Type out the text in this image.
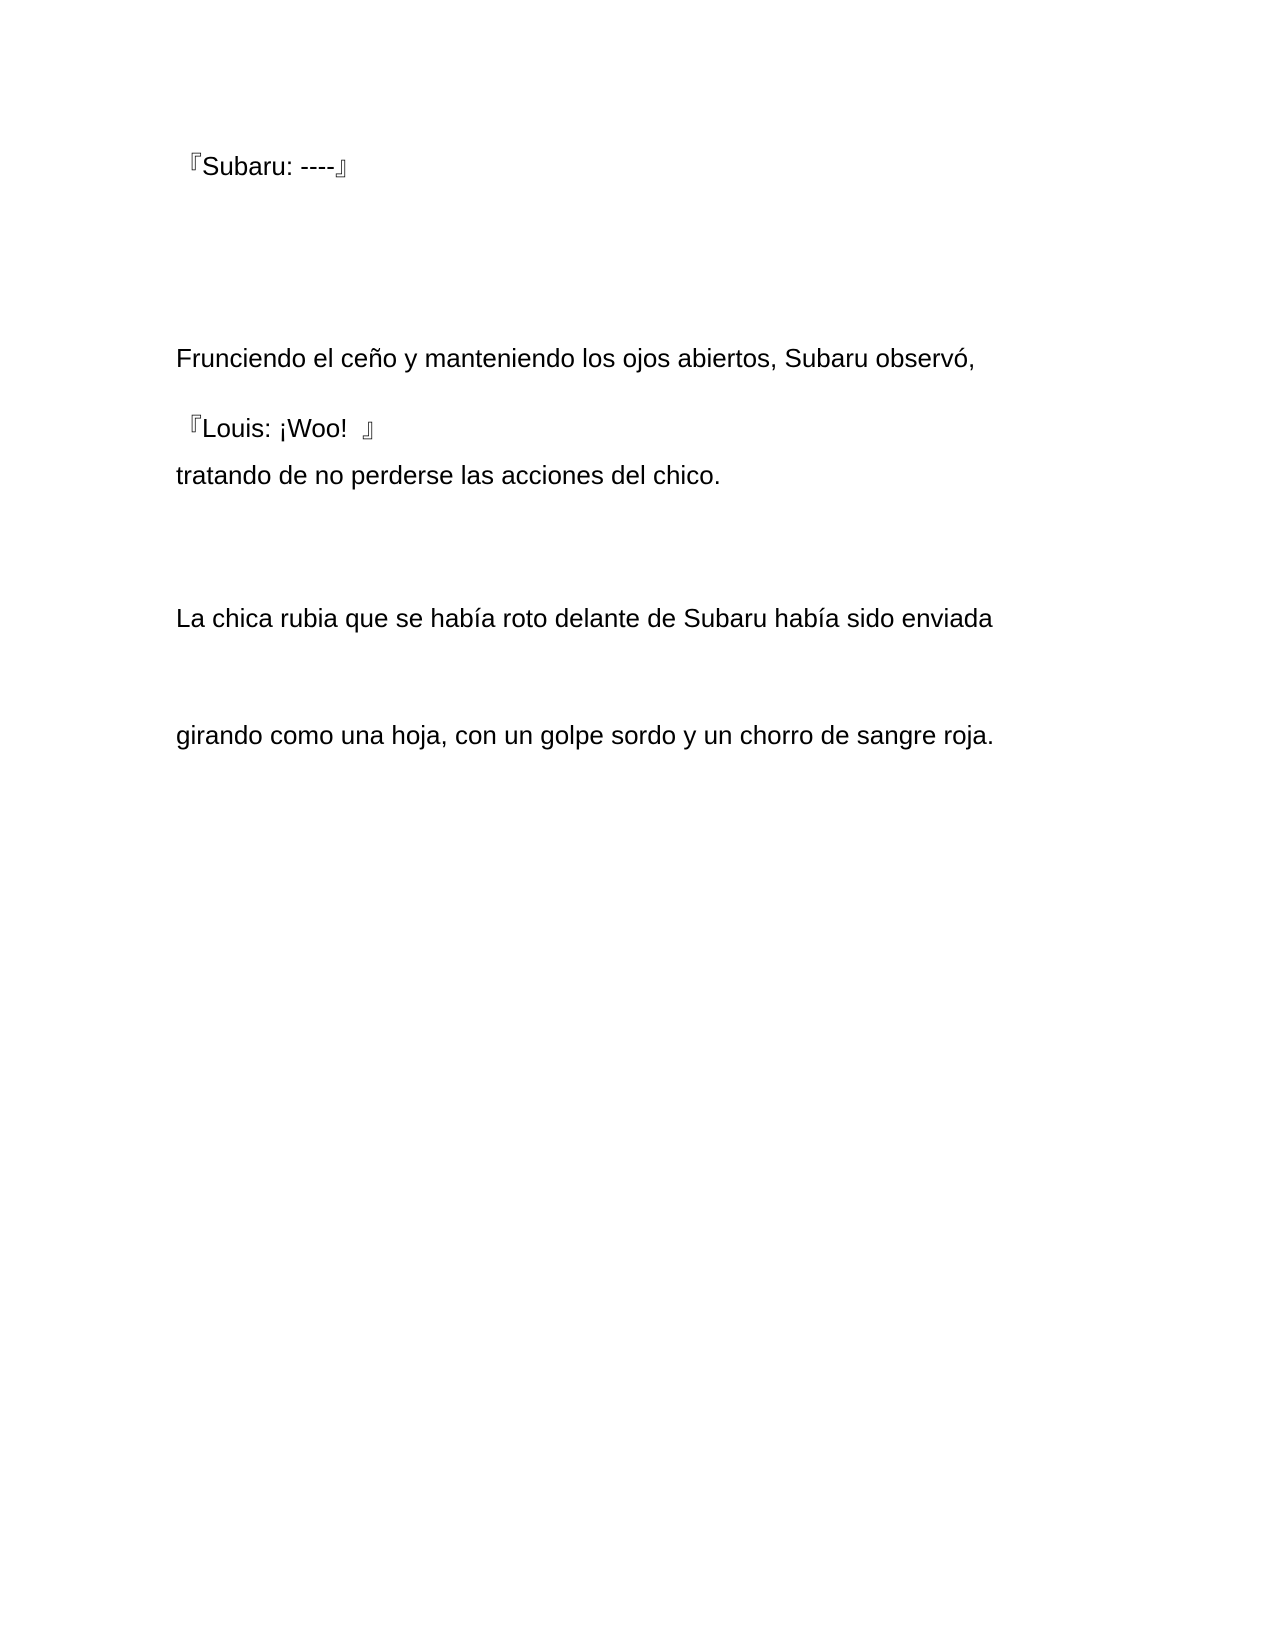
『Subaru: ----』

Frunciendo el ceño y manteniendo los ojos abiertos, Subaru observó,

tratando de no perderse las acciones del chico.

『Louis: ¡Woo!  』

La chica rubia que se había roto delante de Subaru había sido enviada

girando como una hoja, con un golpe sordo y un chorro de sangre roja.
